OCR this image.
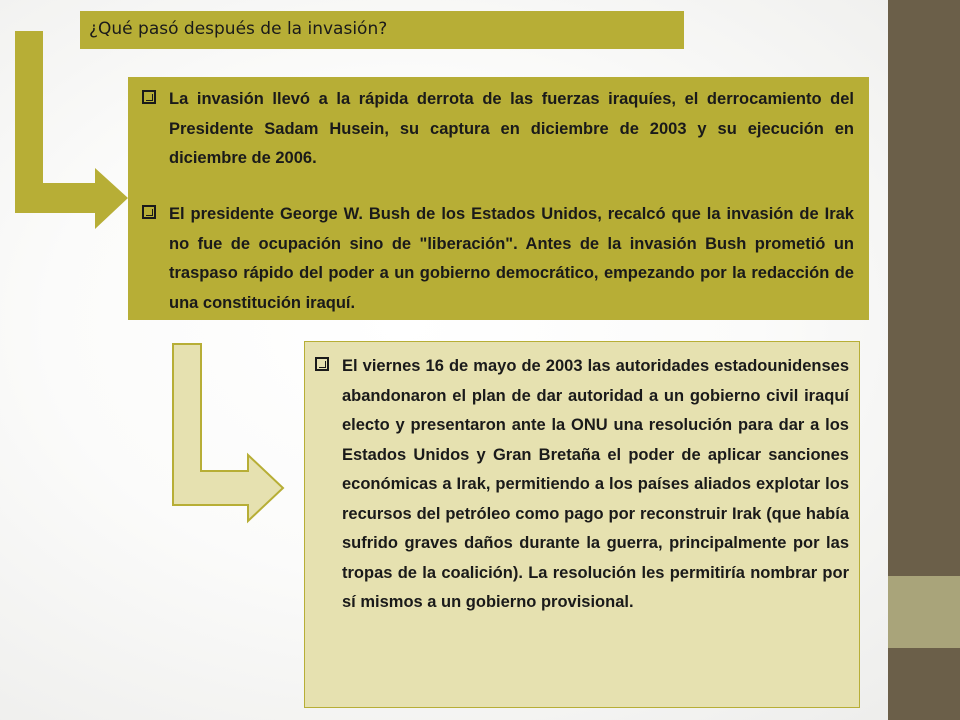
¿Qué pasó después de la invasión?

La invasión llevó a la rápida derrota de las fuerzas iraquíes, el derrocamiento del Presidente Sadam Husein, su captura en diciembre de 2003 y su ejecución en diciembre de 2006.

El presidente George W. Bush de los Estados Unidos, recalcó que la invasión de Irak no fue de ocupación sino de "liberación". Antes de la invasión Bush prometió un traspaso rápido del poder a un gobierno democrático, empezando por la redacción de una constitución iraquí.

El viernes 16 de mayo de 2003 las autoridades estadounidenses abandonaron el plan de dar autoridad a un gobierno civil iraquí electo y presentaron ante la ONU una resolución para dar a los Estados Unidos y Gran Bretaña el poder de aplicar sanciones económicas a Irak, permitiendo a los países aliados explotar los recursos del petróleo como pago por reconstruir Irak (que había sufrido graves daños durante la guerra, principalmente por las tropas de la coalición). La resolución les permitiría nombrar por sí mismos a un gobierno provisional.
